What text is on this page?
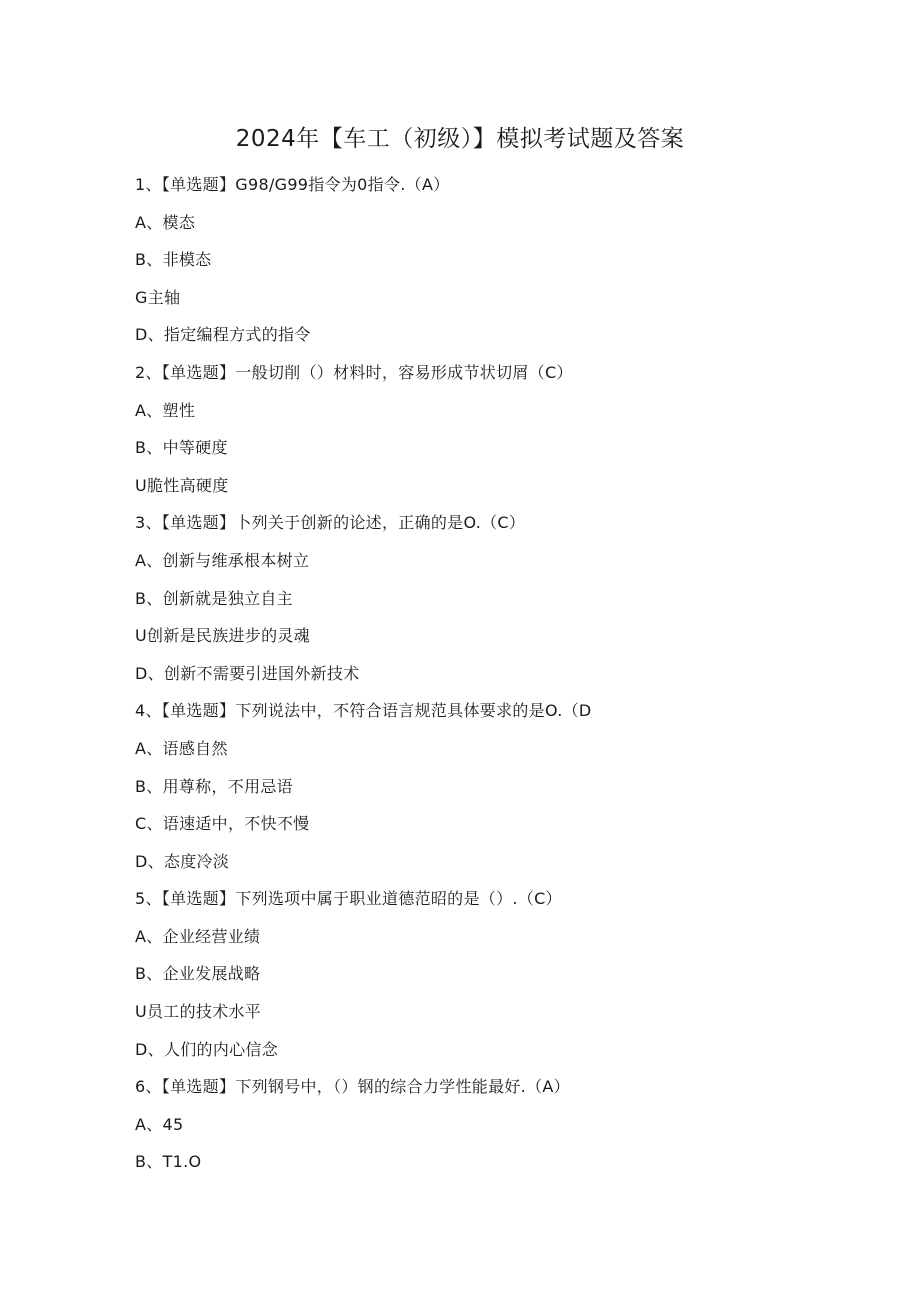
2024年【车工（初级）】模拟考试题及答案
1、【单选题】G98/G99指令为0指令.（A）
A、模态
B、非模态
G主轴
D、指定编程方式的指令
2、【单选题】一般切削（）材料时，容易形成节状切屑（C）
A、塑性
B、中等硬度
U脆性高硬度
3、【单选题】卜列关于创新的论述，正确的是O.（C）
A、创新与维承根本树立
B、创新就是独立自主
U创新是民族进步的灵魂
D、创新不需要引进国外新技术
4、【单选题】下列说法中，不符合语言规范具体要求的是O.（D
A、语感自然
B、用尊称，不用忌语
C、语速适中，不快不慢
D、态度冷淡
5、【单选题】下列选项中属于职业道德范昭的是（）.（C）
A、企业经营业绩
B、企业发展战略
U员工的技术水平
D、人们的内心信念
6、【单选题】下列钢号中，（）钢的综合力学性能最好.（A）
A、45
B、T1.O
